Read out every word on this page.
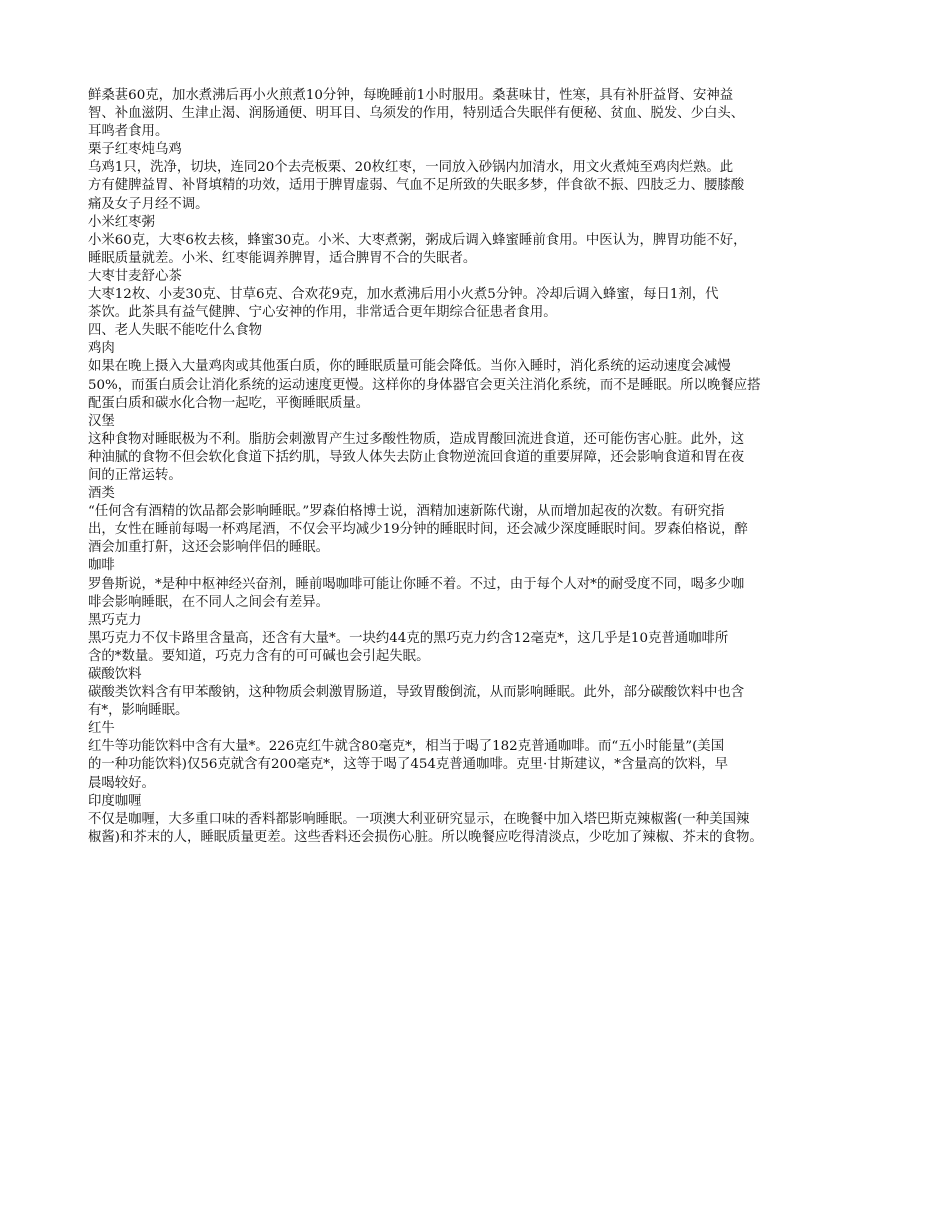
鲜桑葚60克，加水煮沸后再小火煎煮10分钟，每晚睡前1小时服用。桑葚味甘，性寒，具有补肝益肾、安神益
智、补血滋阴、生津止渴、润肠通便、明耳目、乌须发的作用，特别适合失眠伴有便秘、贫血、脱发、少白头、
耳鸣者食用。
栗子红枣炖乌鸡
乌鸡1只，洗净，切块，连同20个去壳板栗、20枚红枣，一同放入砂锅内加清水，用文火煮炖至鸡肉烂熟。此
方有健脾益胃、补肾填精的功效，适用于脾胃虚弱、气血不足所致的失眠多梦，伴食欲不振、四肢乏力、腰膝酸
痛及女子月经不调。
小米红枣粥
小米60克，大枣6枚去核，蜂蜜30克。小米、大枣煮粥，粥成后调入蜂蜜睡前食用。中医认为，脾胃功能不好，
睡眠质量就差。小米、红枣能调养脾胃，适合脾胃不合的失眠者。
大枣甘麦舒心茶
大枣12枚、小麦30克、甘草6克、合欢花9克，加水煮沸后用小火煮5分钟。冷却后调入蜂蜜，每日1剂，代
茶饮。此茶具有益气健脾、宁心安神的作用，非常适合更年期综合征患者食用。
四、老人失眠不能吃什么食物
鸡肉
如果在晚上摄入大量鸡肉或其他蛋白质，你的睡眠质量可能会降低。当你入睡时，消化系统的运动速度会减慢
50%，而蛋白质会让消化系统的运动速度更慢。这样你的身体器官会更关注消化系统，而不是睡眠。所以晚餐应搭
配蛋白质和碳水化合物一起吃，平衡睡眠质量。
汉堡
这种食物对睡眠极为不利。脂肪会刺激胃产生过多酸性物质，造成胃酸回流进食道，还可能伤害心脏。此外，这
种油腻的食物不但会软化食道下括约肌，导致人体失去防止食物逆流回食道的重要屏障，还会影响食道和胃在夜
间的正常运转。
酒类
“任何含有酒精的饮品都会影响睡眠。”罗森伯格博士说，酒精加速新陈代谢，从而增加起夜的次数。有研究指
出，女性在睡前每喝一杯鸡尾酒，不仅会平均减少19分钟的睡眠时间，还会减少深度睡眠时间。罗森伯格说，醉
酒会加重打鼾，这还会影响伴侣的睡眠。
咖啡
罗鲁斯说，*是种中枢神经兴奋剂，睡前喝咖啡可能让你睡不着。不过，由于每个人对*的耐受度不同，喝多少咖
啡会影响睡眠，在不同人之间会有差异。
黑巧克力
黑巧克力不仅卡路里含量高，还含有大量*。一块约44克的黑巧克力约含12毫克*，这几乎是10克普通咖啡所
含的*数量。要知道，巧克力含有的可可碱也会引起失眠。
碳酸饮料
碳酸类饮料含有甲苯酸钠，这种物质会刺激胃肠道，导致胃酸倒流，从而影响睡眠。此外，部分碳酸饮料中也含
有*，影响睡眠。
红牛
红牛等功能饮料中含有大量*。226克红牛就含80毫克*，相当于喝了182克普通咖啡。而“五小时能量”(美国
的一种功能饮料)仅56克就含有200毫克*，这等于喝了454克普通咖啡。克里·甘斯建议，*含量高的饮料，早
晨喝较好。
印度咖喱
不仅是咖喱，大多重口味的香料都影响睡眠。一项澳大利亚研究显示，在晚餐中加入塔巴斯克辣椒酱(一种美国辣
椒酱)和芥末的人，睡眠质量更差。这些香料还会损伤心脏。所以晚餐应吃得清淡点，少吃加了辣椒、芥末的食物。
